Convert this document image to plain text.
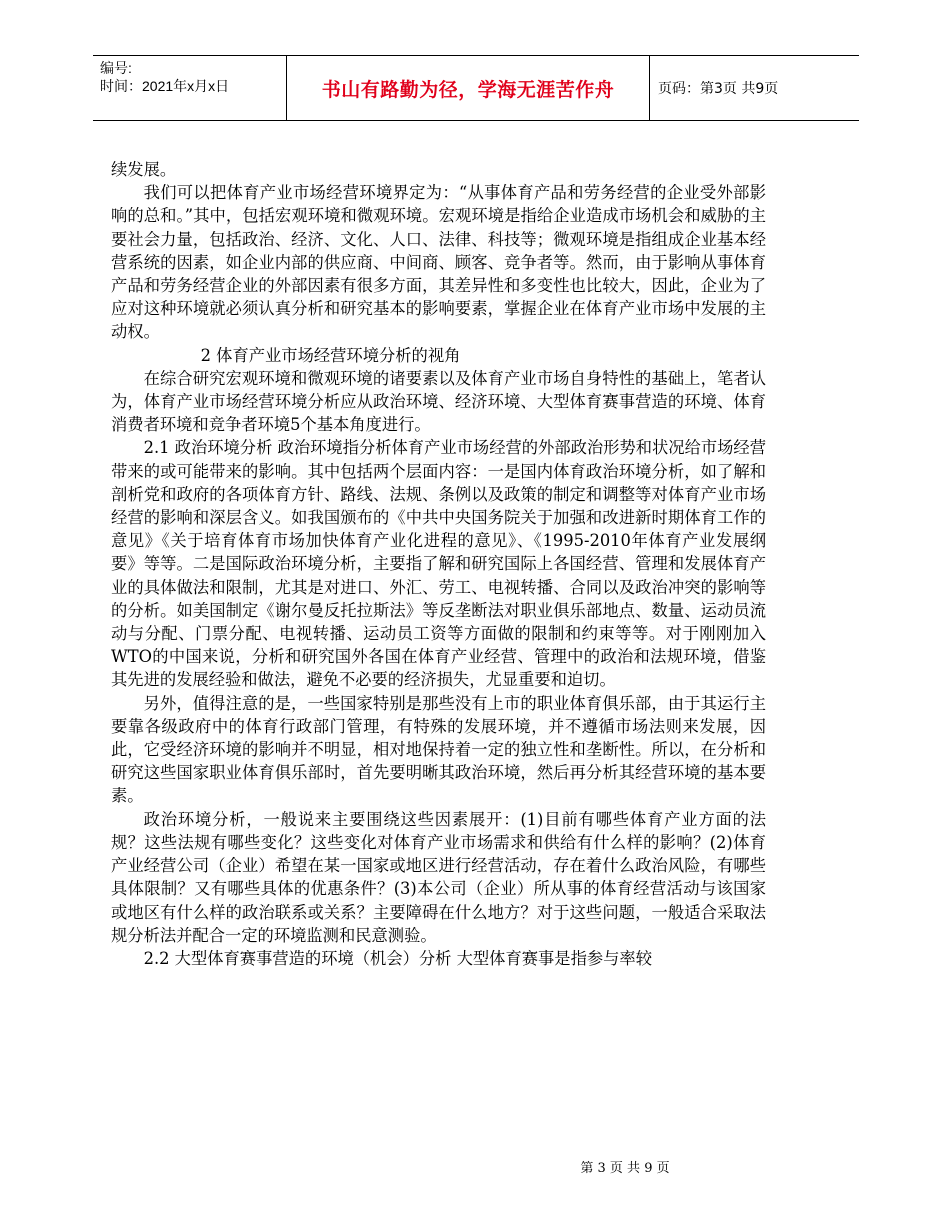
编号:
时间：2021年x月x日	书山有路勤为径，学海无涯苦作舟	页码：第3页 共9页

续发展。

我们可以把体育产业市场经营环境界定为：“从事体育产品和劳务经营的企业受外部影响的总和。”其中，包括宏观环境和微观环境。宏观环境是指给企业造成市场机会和威胁的主要社会力量，包括政治、经济、文化、人口、法律、科技等；微观环境是指组成企业基本经营系统的因素，如企业内部的供应商、中间商、顾客、竞争者等。然而，由于影响从事体育产品和劳务经营企业的外部因素有很多方面，其差异性和多变性也比较大，因此，企业为了应对这种环境就必须认真分析和研究基本的影响要素，掌握企业在体育产业市场中发展的主动权。

2 体育产业市场经营环境分析的视角

在综合研究宏观环境和微观环境的诸要素以及体育产业市场自身特性的基础上，笔者认为，体育产业市场经营环境分析应从政治环境、经济环境、大型体育赛事营造的环境、体育消费者环境和竞争者环境5个基本角度进行。

2.1 政治环境分析 政治环境指分析体育产业市场经营的外部政治形势和状况给市场经营带来的或可能带来的影响。其中包括两个层面内容：一是国内体育政治环境分析，如了解和剖析党和政府的各项体育方针、路线、法规、条例以及政策的制定和调整等对体育产业市场经营的影响和深层含义。如我国颁布的《中共中央国务院关于加强和改进新时期体育工作的意见》《关于培育体育市场加快体育产业化进程的意见》、《1995-2010年体育产业发展纲要》等等。二是国际政治环境分析，主要指了解和研究国际上各国经营、管理和发展体育产业的具体做法和限制，尤其是对进口、外汇、劳工、电视转播、合同以及政治冲突的影响等的分析。如美国制定《谢尔曼反托拉斯法》等反垄断法对职业俱乐部地点、数量、运动员流动与分配、门票分配、电视转播、运动员工资等方面做的限制和约束等等。对于刚刚加入WTO的中国来说，分析和研究国外各国在体育产业经营、管理中的政治和法规环境，借鉴其先进的发展经验和做法，避免不必要的经济损失，尤显重要和迫切。

另外，值得注意的是，一些国家特别是那些没有上市的职业体育俱乐部，由于其运行主要靠各级政府中的体育行政部门管理，有特殊的发展环境，并不遵循市场法则来发展，因此，它受经济环境的影响并不明显，相对地保持着一定的独立性和垄断性。所以，在分析和研究这些国家职业体育俱乐部时，首先要明晰其政治环境，然后再分析其经营环境的基本要素。

政治环境分析，一般说来主要围绕这些因素展开：(1)目前有哪些体育产业方面的法规？这些法规有哪些变化？这些变化对体育产业市场需求和供给有什么样的影响？(2)体育产业经营公司（企业）希望在某一国家或地区进行经营活动，存在着什么政治风险，有哪些具体限制？又有哪些具体的优惠条件？(3)本公司（企业）所从事的体育经营活动与该国家或地区有什么样的政治联系或关系？主要障碍在什么地方？对于这些问题，一般适合采取法规分析法并配合一定的环境监测和民意测验。

2.2 大型体育赛事营造的环境（机会）分析 大型体育赛事是指参与率较

第 3 页 共 9 页
